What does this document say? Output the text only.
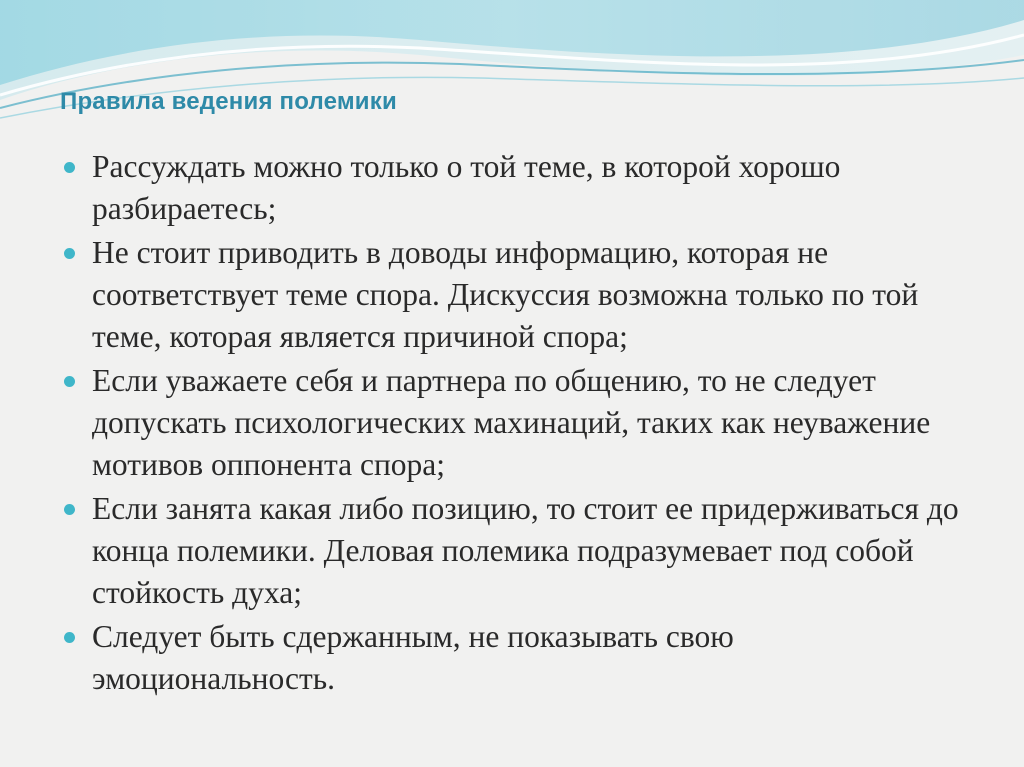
Правила ведения полемики
Рассуждать можно только о той теме, в которой хорошо разбираетесь;
Не стоит приводить в доводы информацию, которая не соответствует теме спора. Дискуссия возможна только по той теме, которая является причиной спора;
Если уважаете себя и партнера по общению, то не следует допускать психологических махинаций, таких как неуважение мотивов оппонента спора;
Если занята какая либо позицию, то стоит ее придерживаться до конца полемики. Деловая полемика подразумевает под собой стойкость духа;
Следует быть сдержанным, не показывать свою эмоциональность.
